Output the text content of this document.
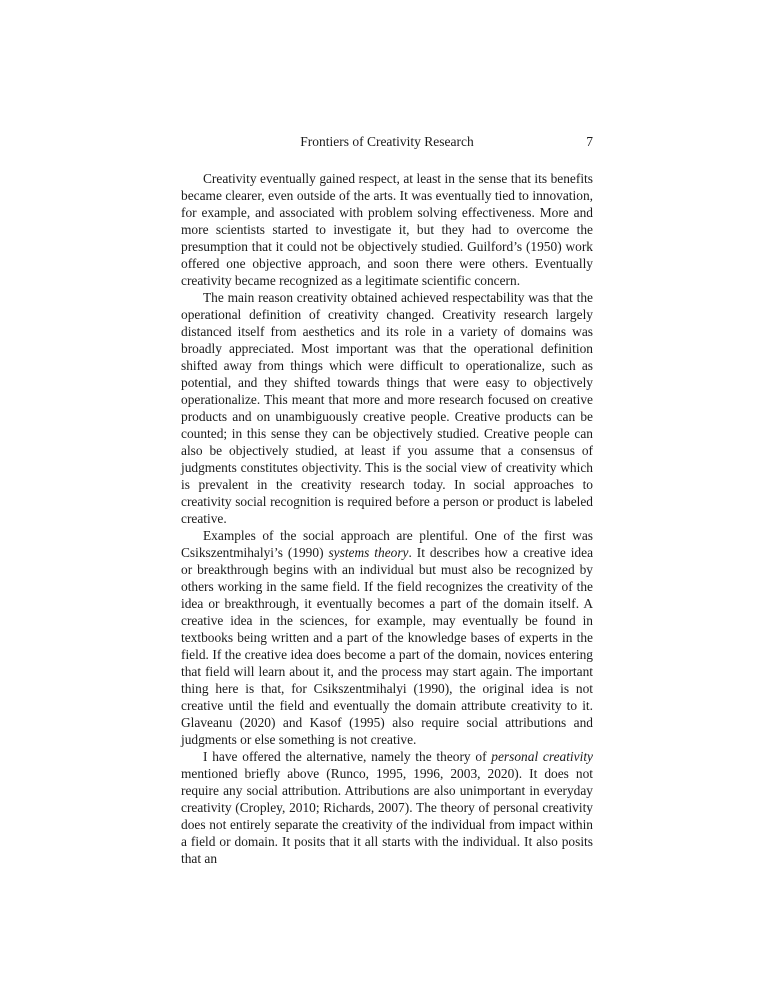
Frontiers of Creativity Research	7

Creativity eventually gained respect, at least in the sense that its benefits became clearer, even outside of the arts. It was eventually tied to innovation, for example, and associated with problem solving effectiveness. More and more scientists started to investigate it, but they had to overcome the presumption that it could not be objectively studied. Guilford’s (1950) work offered one objective approach, and soon there were others. Eventually creativity became recognized as a legitimate scientific concern.

The main reason creativity obtained achieved respectability was that the operational definition of creativity changed. Creativity research largely distanced itself from aesthetics and its role in a variety of domains was broadly appreciated. Most important was that the operational definition shifted away from things which were difficult to operationalize, such as potential, and they shifted towards things that were easy to objectively operationalize. This meant that more and more research focused on creative products and on unambiguously creative people. Creative products can be counted; in this sense they can be objectively studied. Creative people can also be objectively studied, at least if you assume that a consensus of judgments constitutes objectivity. This is the social view of creativity which is prevalent in the creativity research today. In social approaches to creativity social recognition is required before a person or product is labeled creative.

Examples of the social approach are plentiful. One of the first was Csikszentmihalyi’s (1990) systems theory. It describes how a creative idea or breakthrough begins with an individual but must also be recognized by others working in the same field. If the field recognizes the creativity of the idea or breakthrough, it eventually becomes a part of the domain itself. A creative idea in the sciences, for example, may eventually be found in textbooks being written and a part of the knowledge bases of experts in the field. If the creative idea does become a part of the domain, novices entering that field will learn about it, and the process may start again. The important thing here is that, for Csikszentmihalyi (1990), the original idea is not creative until the field and eventually the domain attribute creativity to it. Glaveanu (2020) and Kasof (1995) also require social attributions and judgments or else something is not creative.

I have offered the alternative, namely the theory of personal creativity mentioned briefly above (Runco, 1995, 1996, 2003, 2020). It does not require any social attribution. Attributions are also unimportant in everyday creativity (Cropley, 2010; Richards, 2007). The theory of personal creativity does not entirely separate the creativity of the individual from impact within a field or domain. It posits that it all starts with the individual. It also posits that an
